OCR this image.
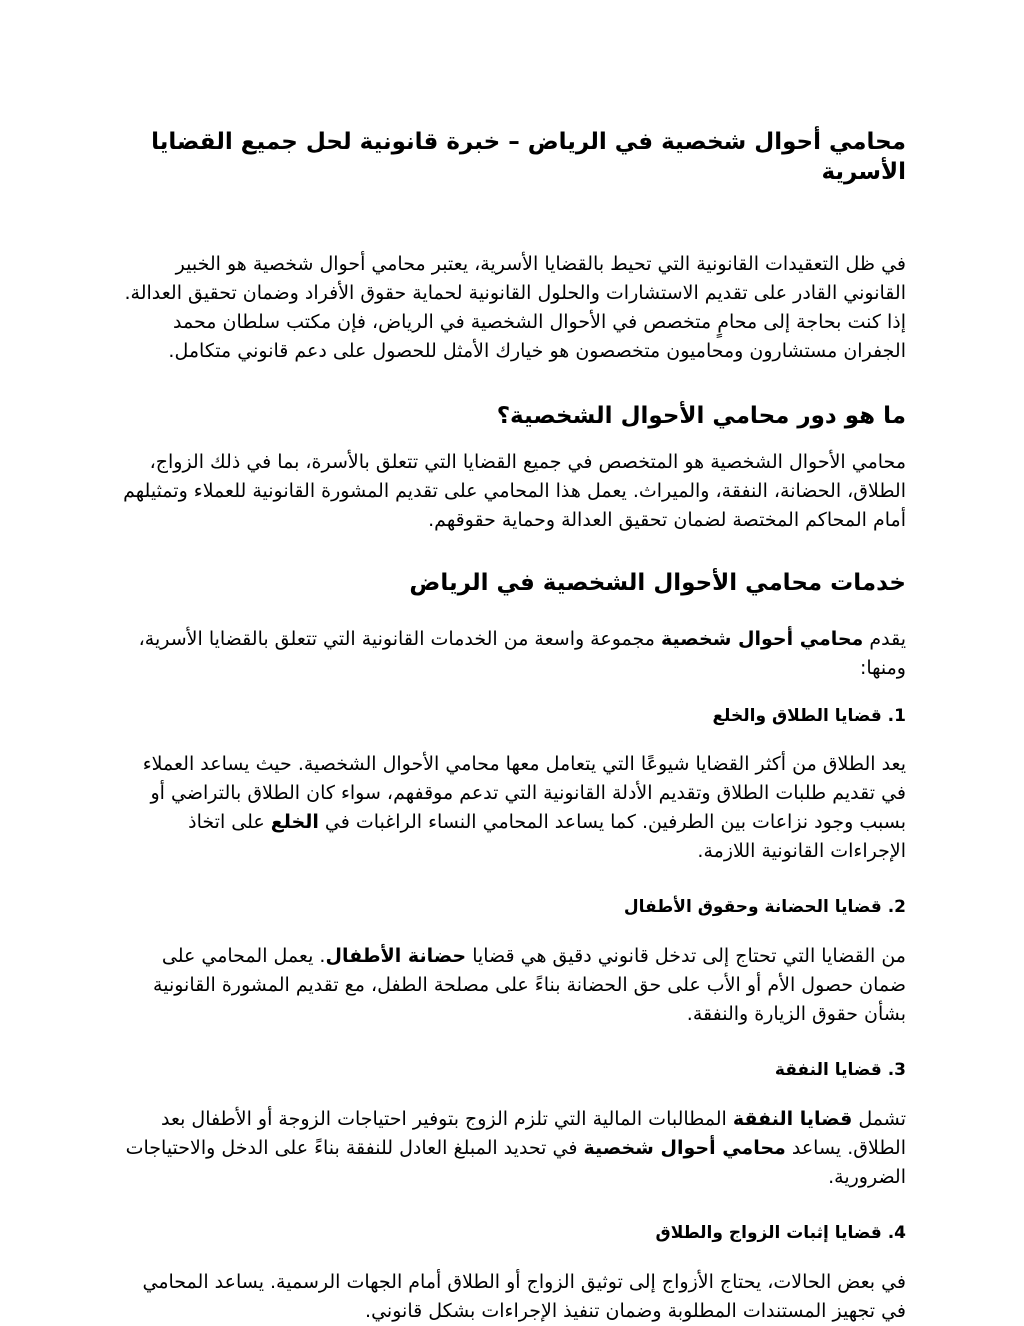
محامي أحوال شخصية في الرياض – خبرة قانونية لحل جميع القضايا الأسرية

في ظل التعقيدات القانونية التي تحيط بالقضايا الأسرية، يعتبر محامي أحوال شخصية هو الخبير القانوني القادر على تقديم الاستشارات والحلول القانونية لحماية حقوق الأفراد وضمان تحقيق العدالة. إذا كنت بحاجة إلى محامٍ متخصص في الأحوال الشخصية في الرياض، فإن مكتب سلطان محمد الجفران مستشارون ومحاميون متخصصون هو خيارك الأمثل للحصول على دعم قانوني متكامل.

ما هو دور محامي الأحوال الشخصية؟

محامي الأحوال الشخصية هو المتخصص في جميع القضايا التي تتعلق بالأسرة، بما في ذلك الزواج، الطلاق، الحضانة، النفقة، والميراث. يعمل هذا المحامي على تقديم المشورة القانونية للعملاء وتمثيلهم أمام المحاكم المختصة لضمان تحقيق العدالة وحماية حقوقهم.

خدمات محامي الأحوال الشخصية في الرياض

يقدم محامي أحوال شخصية مجموعة واسعة من الخدمات القانونية التي تتعلق بالقضايا الأسرية، ومنها:

1. قضايا الطلاق والخلع

يعد الطلاق من أكثر القضايا شيوعًا التي يتعامل معها محامي الأحوال الشخصية. حيث يساعد العملاء في تقديم طلبات الطلاق وتقديم الأدلة القانونية التي تدعم موقفهم، سواء كان الطلاق بالتراضي أو بسبب وجود نزاعات بين الطرفين. كما يساعد المحامي النساء الراغبات في الخلع على اتخاذ الإجراءات القانونية اللازمة.

2. قضايا الحضانة وحقوق الأطفال

من القضايا التي تحتاج إلى تدخل قانوني دقيق هي قضايا حضانة الأطفال. يعمل المحامي على ضمان حصول الأم أو الأب على حق الحضانة بناءً على مصلحة الطفل، مع تقديم المشورة القانونية بشأن حقوق الزيارة والنفقة.

3. قضايا النفقة

تشمل قضايا النفقة المطالبات المالية التي تلزم الزوج بتوفير احتياجات الزوجة أو الأطفال بعد الطلاق. يساعد محامي أحوال شخصية في تحديد المبلغ العادل للنفقة بناءً على الدخل والاحتياجات الضرورية.

4. قضايا إثبات الزواج والطلاق

في بعض الحالات، يحتاج الأزواج إلى توثيق الزواج أو الطلاق أمام الجهات الرسمية. يساعد المحامي في تجهيز المستندات المطلوبة وضمان تنفيذ الإجراءات بشكل قانوني.
